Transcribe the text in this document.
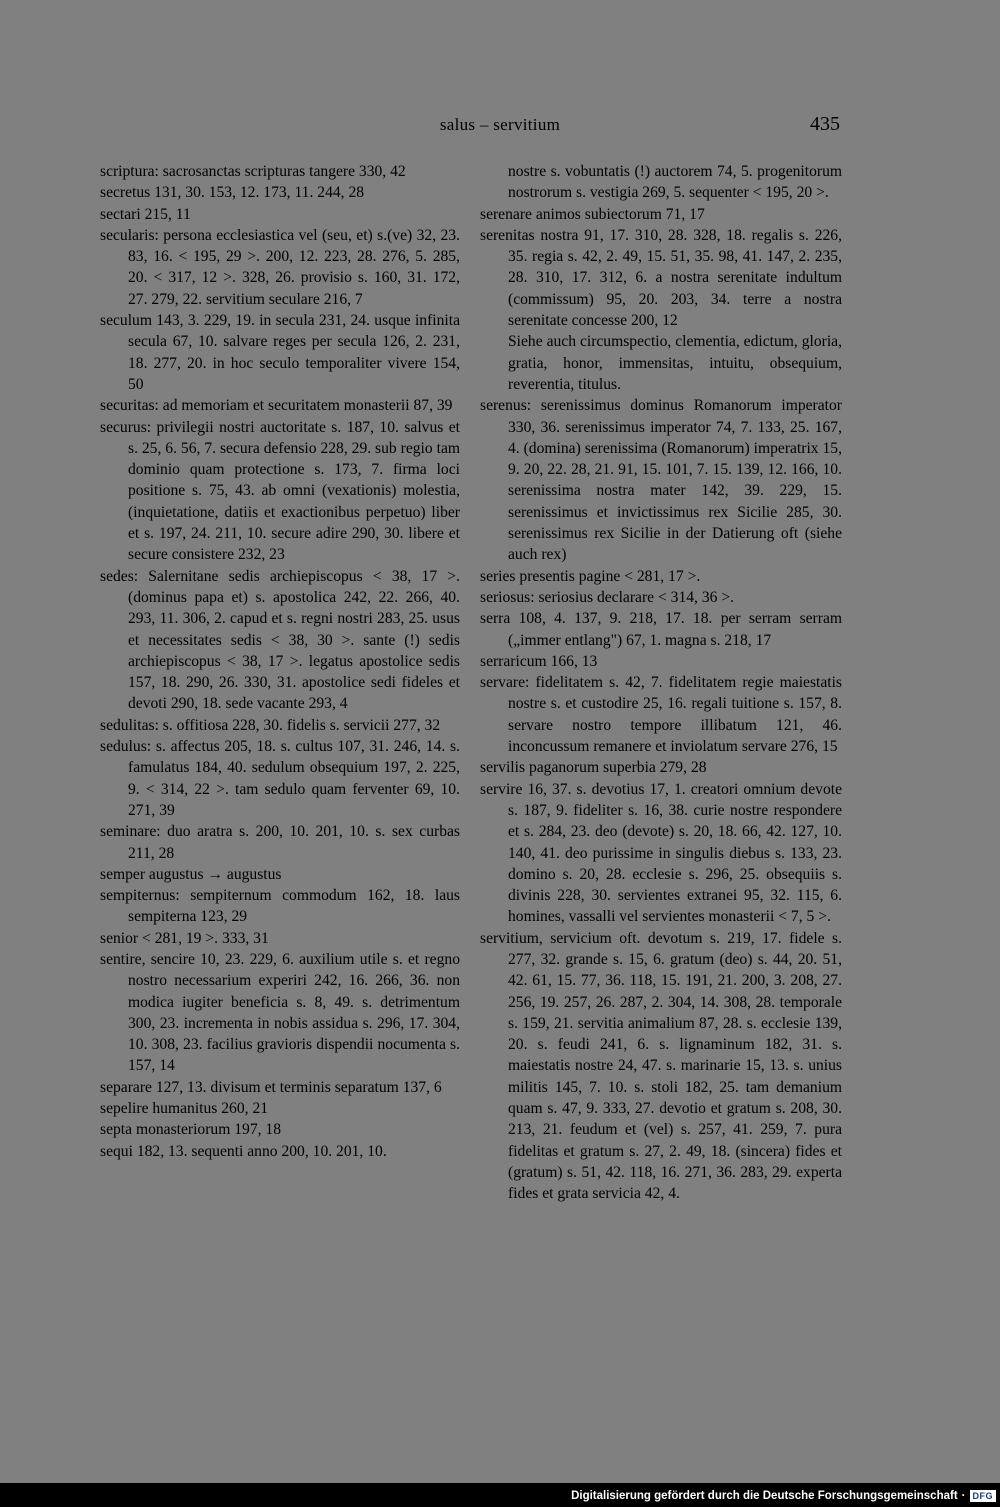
salus – servitium	435

scriptura: sacrosanctas scripturas tangere 330, 42

secretus 131, 30. 153, 12. 173, 11. 244, 28

sectari 215, 11

secularis: persona ecclesiastica vel (seu, et) s.(ve) 32, 23. 83, 16. < 195, 29 >. 200, 12. 223, 28. 276, 5. 285, 20. < 317, 12 >. 328, 26. provisio s. 160, 31. 172, 27. 279, 22. servitium seculare 216, 7

seculum 143, 3. 229, 19. in secula 231, 24. usque infinita secula 67, 10. salvare reges per secula 126, 2. 231, 18. 277, 20. in hoc seculo temporaliter vivere 154, 50

securitas: ad memoriam et securitatem monasterii 87, 39

securus: privilegii nostri auctoritate s. 187, 10. salvus et s. 25, 6. 56, 7. secura defensio 228, 29. sub regio tam dominio quam protectione s. 173, 7. firma loci positione s. 75, 43. ab omni (vexationis) molestia, (inquietatione, datiis et exactionibus perpetuo) liber et s. 197, 24. 211, 10. secure adire 290, 30. libere et secure consistere 232, 23

sedes: Salernitane sedis archiepiscopus < 38, 17 >. (dominus papa et) s. apostolica 242, 22. 266, 40. 293, 11. 306, 2. capud et s. regni nostri 283, 25. usus et necessitates sedis < 38, 30 >. sante (!) sedis archiepiscopus < 38, 17 >. legatus apostolice sedis 157, 18. 290, 26. 330, 31. apostolice sedi fideles et devoti 290, 18. sede vacante 293, 4

sedulitas: s. offitiosa 228, 30. fidelis s. servicii 277, 32

sedulus: s. affectus 205, 18. s. cultus 107, 31. 246, 14. s. famulatus 184, 40. sedulum obsequium 197, 2. 225, 9. < 314, 22 >. tam sedulo quam ferventer 69, 10. 271, 39

seminare: duo aratra s. 200, 10. 201, 10. s. sex curbas 211, 28

semper augustus → augustus

sempiternus: sempiternum commodum 162, 18. laus sempiterna 123, 29

senior < 281, 19 >. 333, 31

sentire, sencire 10, 23. 229, 6. auxilium utile s. et regno nostro necessarium experiri 242, 16. 266, 36. non modica iugiter beneficia s. 8, 49. s. detrimentum 300, 23. incrementa in nobis assidua s. 296, 17. 304, 10. 308, 23. facilius gravioris dispendii nocumenta s. 157, 14

separare 127, 13. divisum et terminis separatum 137, 6

sepelire humanitus 260, 21

septa monasteriorum 197, 18

sequi 182, 13. sequenti anno 200, 10. 201, 10.

nostre s. vobuntatis (!) auctorem 74, 5. progenitorum nostrorum s. vestigia 269, 5. sequenter < 195, 20 >.

serenare animos subiectorum 71, 17

serenitas nostra 91, 17. 310, 28. 328, 18. regalis s. 226, 35. regia s. 42, 2. 49, 15. 51, 35. 98, 41. 147, 2. 235, 28. 310, 17. 312, 6. a nostra serenitate indultum (commissum) 95, 20. 203, 34. terre a nostra serenitate concesse 200, 12

Siehe auch circumspectio, clementia, edictum, gloria, gratia, honor, immensitas, intuitu, obsequium, reverentia, titulus.

serenus: serenissimus dominus Romanorum imperator 330, 36. serenissimus imperator 74, 7. 133, 25. 167, 4. (domina) serenissima (Romanorum) imperatrix 15, 9. 20, 22. 28, 21. 91, 15. 101, 7. 15. 139, 12. 166, 10. serenissima nostra mater 142, 39. 229, 15. serenissimus et invictissimus rex Sicilie 285, 30. serenissimus rex Sicilie in der Datierung oft (siehe auch rex)

series presentis pagine < 281, 17 >.

seriosus: seriosius declarare < 314, 36 >.

serra 108, 4. 137, 9. 218, 17. 18. per serram serram („immer entlang") 67, 1. magna s. 218, 17

serraricum 166, 13

servare: fidelitatem s. 42, 7. fidelitatem regie maiestatis nostre s. et custodire 25, 16. regali tuitione s. 157, 8. servare nostro tempore illibatum 121, 46. inconcussum remanere et inviolatum servare 276, 15

servilis paganorum superbia 279, 28

servire 16, 37. s. devotius 17, 1. creatori omnium devote s. 187, 9. fideliter s. 16, 38. curie nostre respondere et s. 284, 23. deo (devote) s. 20, 18. 66, 42. 127, 10. 140, 41. deo purissime in singulis diebus s. 133, 23. domino s. 20, 28. ecclesie s. 296, 25. obsequiis s. divinis 228, 30. servientes extranei 95, 32. 115, 6. homines, vassalli vel servientes monasterii < 7, 5 >.

servitium, servicium oft. devotum s. 219, 17. fidele s. 277, 32. grande s. 15, 6. gratum (deo) s. 44, 20. 51, 42. 61, 15. 77, 36. 118, 15. 191, 21. 200, 3. 208, 27. 256, 19. 257, 26. 287, 2. 304, 14. 308, 28. temporale s. 159, 21. servitia animalium 87, 28. s. ecclesie 139, 20. s. feudi 241, 6. s. lignaminum 182, 31. s. maiestatis nostre 24, 47. s. marinarie 15, 13. s. unius militis 145, 7. 10. s. stoli 182, 25. tam demanium quam s. 47, 9. 333, 27. devotio et gratum s. 208, 30. 213, 21. feudum et (vel) s. 257, 41. 259, 7. pura fidelitas et gratum s. 27, 2. 49, 18. (sincera) fides et (gratum) s. 51, 42. 118, 16. 271, 36. 283, 29. experta fides et grata servicia 42, 4.

Digitalisierung gefördert durch die Deutsche Forschungsgemeinschaft · DFG
